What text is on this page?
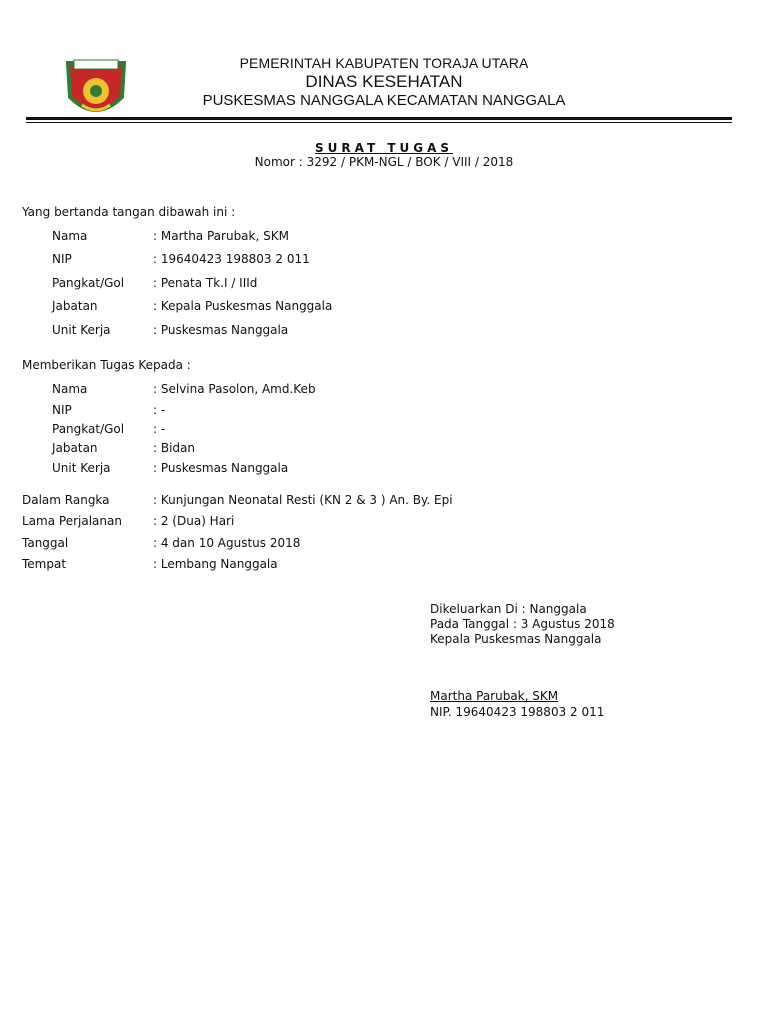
PEMERINTAH KABUPATEN TORAJA UTARA
DINAS KESEHATAN
PUSKESMAS NANGGALA KECAMATAN NANGGALA
SURAT TUGAS
Nomor : 3292 / PKM-NGL / BOK / VIII / 2018
Yang bertanda tangan dibawah ini :
Nama	: Martha Parubak, SKM
NIP	: 19640423 198803 2 011
Pangkat/Gol : Penata Tk.I / IIId
Jabatan	: Kepala Puskesmas Nanggala
Unit Kerja	: Puskesmas Nanggala
Memberikan Tugas Kepada :
Nama	: Selvina Pasolon, Amd.Keb
NIP	: -
Pangkat/Gol : -
Jabatan	: Bidan
Unit Kerja	: Puskesmas Nanggala
Dalam Rangka	: Kunjungan Neonatal Resti (KN 2 & 3 ) An. By. Epi
Lama Perjalanan	: 2 (Dua) Hari
Tanggal	: 4 dan 10 Agustus 2018
Tempat	: Lembang Nanggala
Dikeluarkan Di : Nanggala
Pada Tanggal : 3 Agustus 2018
Kepala Puskesmas Nanggala
Martha Parubak, SKM
NIP. 19640423 198803 2 011
